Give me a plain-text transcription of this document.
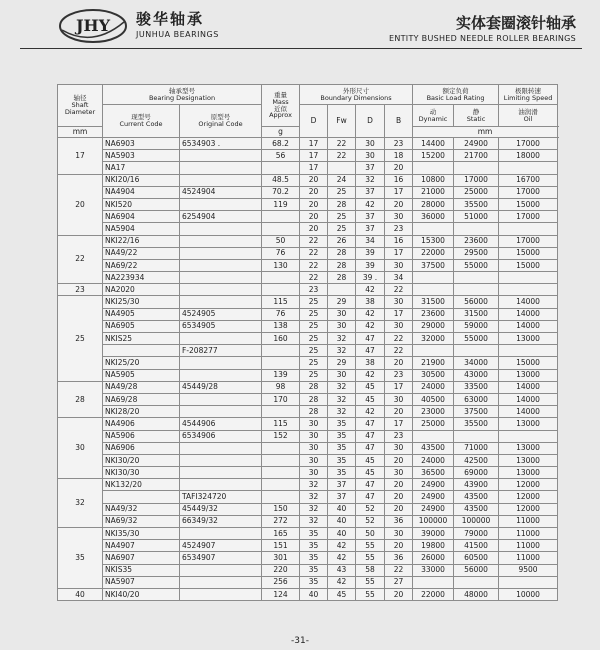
JHY 骏华轴承
JUNHUA BEARINGS
实体套圈滚针轴承
ENTITY BUSHED NEEDLE ROLLER BEARINGS
轴径
Shaft
Diameter	轴承型号
Bearing Designation		重量
Mass
近似
Approx	外形尺寸
Boundary Dimensions				额定负荷
Basic Load Rating		极限转速
Limiting Speed	
	现型号
Current Code	原型号
Original Code		D	Fw	D	B	动
Dynamic	静
Static	油润滑
Oil	
mm			g					mm		
17	NA6903	6534903 .	68.2	17	22	30	23	14400	24900	17000	
	NA5903		56	17	22	30	18	15200	21700	18000	
	NA17			17		37	20				
20	NKI20/16		48.5	20	24	32	16	10800	17000	16700	
	NA4904	4524904	70.2	20	25	37	17	21000	25000	17000	
	NKI520		119	20	28	42	20	28000	35500	15000	
	NA6904	6254904		20	25	37	30	36000	51000	17000	
	NA5904			20	25	37	23				
22	NKI22/16		50	22	26	34	16	15300	23600	17000	
	NA49/22		76	22	28	39	17	22000	29500	15000	
	NA69/22		130	22	28	39	30	37500	55000	15000	
	NA223934			22	28	39 .	34				
23	NA2020			23		42	22				
25	NKI25/30		115	25	29	38	30	31500	56000	14000	
	NA4905	4524905	76	25	30	42	17	23600	31500	14000	
	NA6905	6534905	138	25	30	42	30	29000	59000	14000	
	NKIS25		160	25	32	47	22	32000	55000	13000	
		F-208277		25	32	47	22				
	NKI25/20			25	29	38	20	21900	34000	15000	
	NA5905		139	25	30	42	23	30500	43000	13000	
28	NA49/28	45449/28	98	28	32	45	17	24000	33500	14000	
	NA69/28		170	28	32	45	30	40500	63000	14000	
	NKI28/20			28	32	42	20	23000	37500	14000	
30	NA4906	4544906	115	30	35	47	17	25000	35500	13000	
	NA5906	6534906	152	30	35	47	23				
	NA6906			30	35	47	30	43500	71000	13000	
	NKI30/20			30	35	45	20	24000	42500	13000	
	NKI30/30			30	35	45	30	36500	69000	13000	
32	NK132/20			32	37	47	20	24900	43900	12000	
		TAFI324720		32	37	47	20	24900	43500	12000	
	NA49/32	45449/32	150	32	40	52	20	24900	43500	12000	
	NA69/32	66349/32	272	32	40	52	36	100000	100000	11000	
35	NKI35/30		165	35	40	50	30	39000	79000	11000	
	NA4907	4524907	151	35	42	55	20	19800	41500	11000	
	NA6907	6534907	301	35	42	55	36	26000	60500	11000	
	NKIS35		220	35	43	58	22	33000	56000	9500	
	NA5907		256	35	42	55	27				
40	NKI40/20		124	40	45	55	20	22000	48000	10000	
-31-
